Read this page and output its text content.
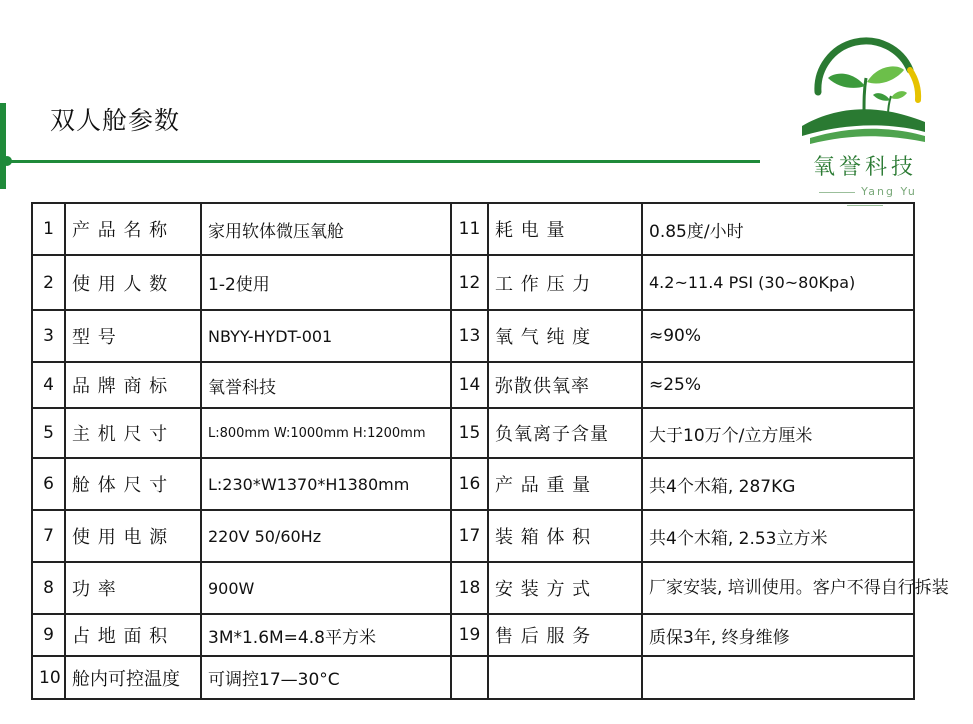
双人舱参数
氧誉科技
Yang Yu
1	产 品 名 称	家用软体微压氧舱	11	耗 电 量	0.85度/小时
2	使 用 人 数	1-2使用	12	工 作 压 力	4.2~11.4 PSI (30~80Kpa)
3	型 号	NBYY-HYDT-001	13	氧 气 纯 度	≈90%
4	品 牌 商 标	氧誉科技	14	弥散供氧率	≈25%
5	主 机 尺 寸	L:800mm W:1000mm H:1200mm	15	负氧离子含量	大于10万个/立方厘米
6	舱 体 尺 寸	L:230*W1370*H1380mm	16	产 品 重 量	共4个木箱, 287KG
7	使 用 电 源	220V 50/60Hz	17	装 箱 体 积	共4个木箱, 2.53立方米
8	功 率	900W	18	安 装 方 式	厂家安装, 培训使用。客户不得自行拆装
9	占 地 面 积	3M*1.6M=4.8平方米	19	售 后 服 务	质保3年, 终身维修
10	舱内可控温度	可调控17—30°C			
